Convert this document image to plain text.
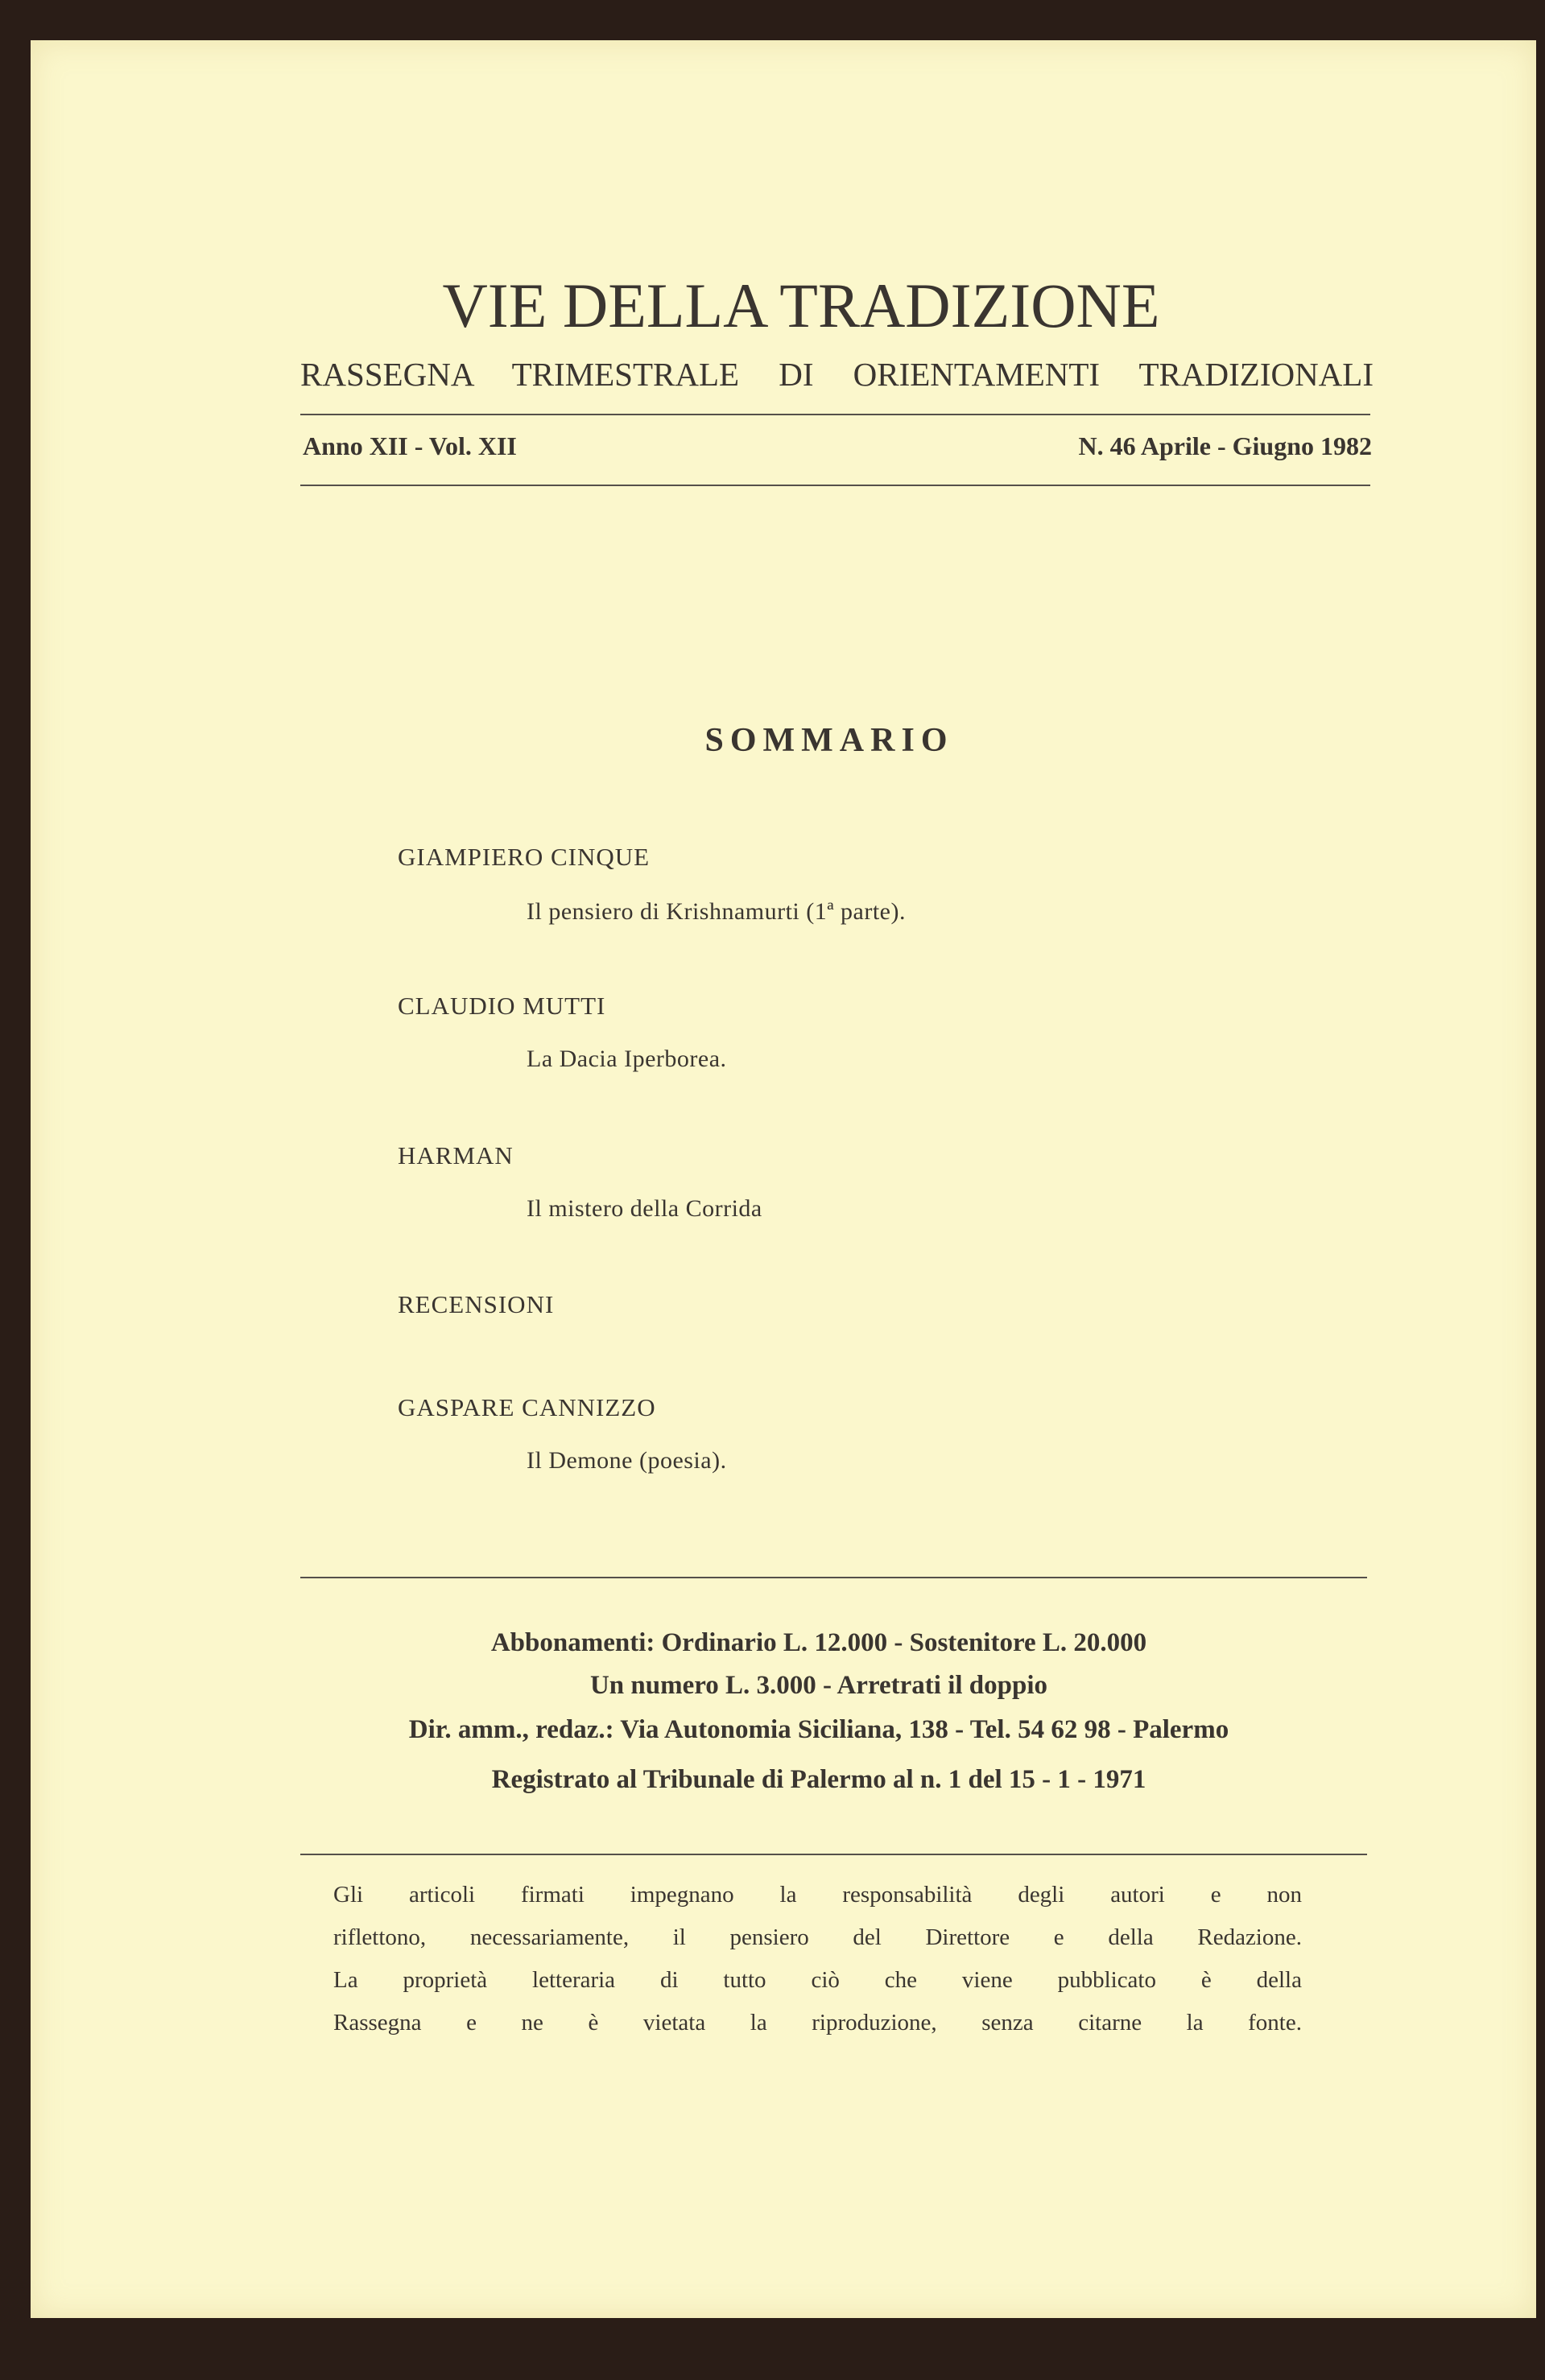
VIE DELLA TRADIZIONE
RASSEGNA TRIMESTRALE DI ORIENTAMENTI TRADIZIONALI
Anno XII - Vol. XII	N. 46 Aprile - Giugno 1982
SOMMARIO
GIAMPIERO CINQUE
Il pensiero di Krishnamurti (1ª parte).
CLAUDIO MUTTI
La Dacia Iperborea.
HARMAN
Il mistero della Corrida
RECENSIONI
GASPARE CANNIZZO
Il Demone (poesia).
Abbonamenti: Ordinario L. 12.000 - Sostenitore L. 20.000
Un numero L. 3.000 - Arretrati il doppio
Dir. amm., redaz.: Via Autonomia Siciliana, 138 - Tel. 54 62 98 - Palermo
Registrato al Tribunale di Palermo al n. 1 del 15 - 1 - 1971
Gli articoli firmati impegnano la responsabilità degli autori e non
riflettono, necessariamente, il pensiero del Direttore e della Redazione.
La proprietà letteraria di tutto ciò che viene pubblicato è della
Rassegna e ne è vietata la riproduzione, senza citarne la fonte.
